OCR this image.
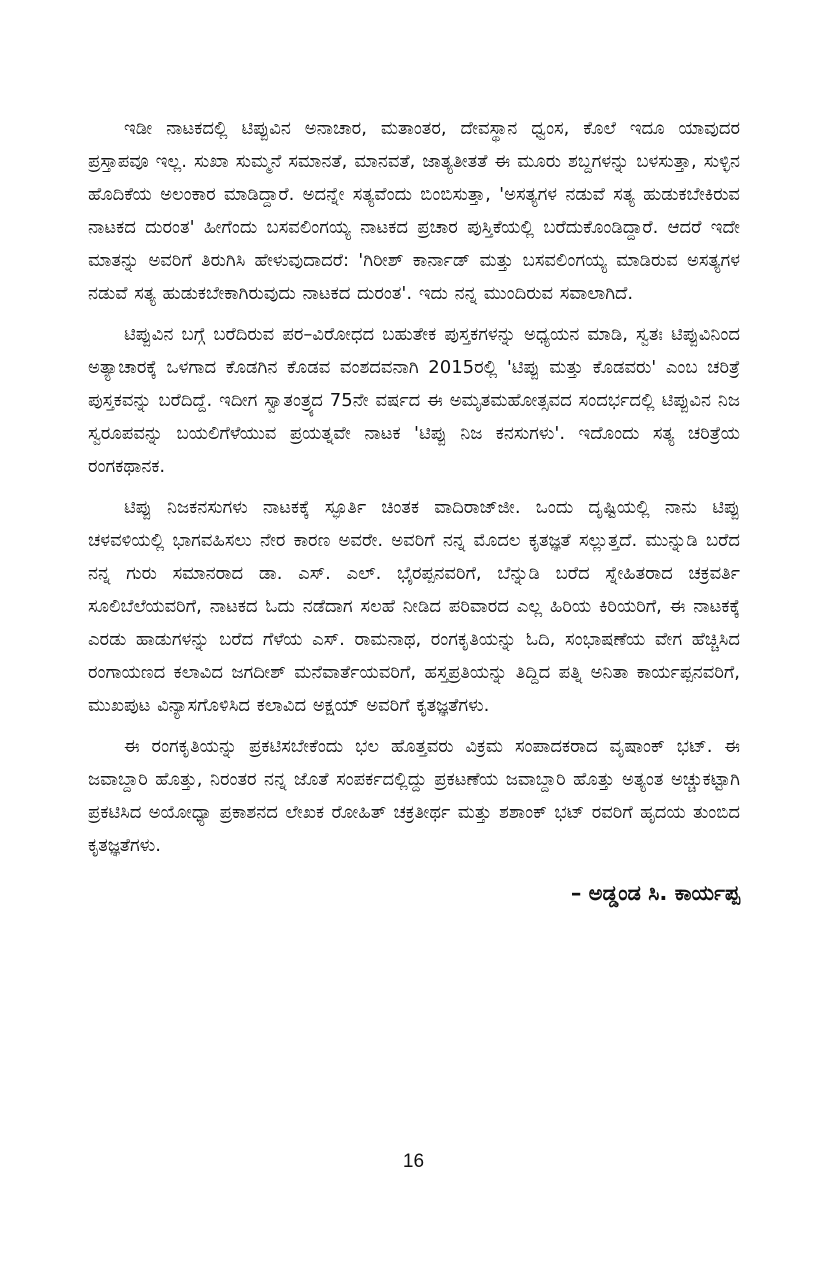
ಇಡೀ ನಾಟಕದಲ್ಲಿ ಟಿಪ್ಪುವಿನ ಅನಾಚಾರ, ಮತಾಂತರ, ದೇವಸ್ಥಾನ ಧ್ವಂಸ, ಕೊಲೆ ಇದೂ ಯಾವುದರ ಪ್ರಸ್ತಾಪವೂ ಇಲ್ಲ. ಸುಖಾ ಸುಮ್ಮನೆ ಸಮಾನತೆ, ಮಾನವತೆ, ಜಾತ್ಯತೀತತೆ ಈ ಮೂರು ಶಬ್ದಗಳನ್ನು ಬಳಸುತ್ತಾ, ಸುಳ್ಳಿನ ಹೊದಿಕೆಯ ಅಲಂಕಾರ ಮಾಡಿದ್ದಾರೆ. ಅದನ್ನೇ ಸತ್ಯವೆಂದು ಬಿಂಬಿಸುತ್ತಾ, 'ಅಸತ್ಯಗಳ ನಡುವೆ ಸತ್ಯ ಹುಡುಕಬೇಕಿರುವ ನಾಟಕದ ದುರಂತ' ಹೀಗೆಂದು ಬಸವಲಿಂಗಯ್ಯ ನಾಟಕದ ಪ್ರಚಾರ ಪುಸ್ತಿಕೆಯಲ್ಲಿ ಬರೆದುಕೊಂಡಿದ್ದಾರೆ. ಆದರೆ ಇದೇ ಮಾತನ್ನು ಅವರಿಗೆ ತಿರುಗಿಸಿ ಹೇಳುವುದಾದರೆ: 'ಗಿರೀಶ್ ಕಾರ್ನಾಡ್ ಮತ್ತು ಬಸವಲಿಂಗಯ್ಯ ಮಾಡಿರುವ ಅಸತ್ಯಗಳ ನಡುವೆ ಸತ್ಯ ಹುಡುಕಬೇಕಾಗಿರುವುದು ನಾಟಕದ ದುರಂತ'. ಇದು ನನ್ನ ಮುಂದಿರುವ ಸವಾಲಾಗಿದೆ.

ಟಿಪ್ಪುವಿನ ಬಗ್ಗೆ ಬರೆದಿರುವ ಪರ–ವಿರೋಧದ ಬಹುತೇಕ ಪುಸ್ತಕಗಳನ್ನು ಅಧ್ಯಯನ ಮಾಡಿ, ಸ್ವತಃ ಟಿಪ್ಪುವಿನಿಂದ ಅತ್ಯಾಚಾರಕ್ಕೆ ಒಳಗಾದ ಕೊಡಗಿನ ಕೊಡವ ವಂಶದವನಾಗಿ 2015ರಲ್ಲಿ 'ಟಿಪ್ಪು ಮತ್ತು ಕೊಡವರು' ಎಂಬ ಚರಿತ್ರೆ ಪುಸ್ತಕವನ್ನು ಬರೆದಿದ್ದೆ. ಇದೀಗ ಸ್ವಾತಂತ್ರ್ಯದ 75ನೇ ವರ್ಷದ ಈ ಅಮೃತಮಹೋತ್ಸವದ ಸಂದರ್ಭದಲ್ಲಿ ಟಿಪ್ಪುವಿನ ನಿಜ ಸ್ವರೂಪವನ್ನು ಬಯಲಿಗೆಳೆಯುವ ಪ್ರಯತ್ನವೇ ನಾಟಕ 'ಟಿಪ್ಪು ನಿಜ ಕನಸುಗಳು'. ಇದೊಂದು ಸತ್ಯ ಚರಿತ್ರೆಯ ರಂಗಕಥಾನಕ.

ಟಿಪ್ಪು ನಿಜಕನಸುಗಳು ನಾಟಕಕ್ಕೆ ಸ್ಫೂರ್ತಿ ಚಿಂತಕ ವಾದಿರಾಜ್‌ಜೀ. ಒಂದು ದೃಷ್ಟಿಯಲ್ಲಿ ನಾನು ಟಿಪ್ಪು ಚಳವಳಿಯಲ್ಲಿ ಭಾಗವಹಿಸಲು ನೇರ ಕಾರಣ ಅವರೇ. ಅವರಿಗೆ ನನ್ನ ಮೊದಲ ಕೃತಜ್ಞತೆ ಸಲ್ಲುತ್ತದೆ. ಮುನ್ನುಡಿ ಬರೆದ ನನ್ನ ಗುರು ಸಮಾನರಾದ ಡಾ. ಎಸ್. ಎಲ್. ಭೈರಪ್ಪನವರಿಗೆ, ಬೆನ್ನುಡಿ ಬರೆದ ಸ್ನೇಹಿತರಾದ ಚಕ್ರವರ್ತಿ ಸೂಲಿಬೆಲೆಯವರಿಗೆ, ನಾಟಕದ ಓದು ನಡೆದಾಗ ಸಲಹೆ ನೀಡಿದ ಪರಿವಾರದ ಎಲ್ಲ ಹಿರಿಯ ಕಿರಿಯರಿಗೆ, ಈ ನಾಟಕಕ್ಕೆ ಎರಡು ಹಾಡುಗಳನ್ನು ಬರೆದ ಗೆಳೆಯ ಎಸ್. ರಾಮನಾಥ, ರಂಗಕೃತಿಯನ್ನು ಓದಿ, ಸಂಭಾಷಣೆಯ ವೇಗ ಹೆಚ್ಚಿಸಿದ ರಂಗಾಯಣದ ಕಲಾವಿದ ಜಗದೀಶ್ ಮನೆವಾರ್ತೆಯವರಿಗೆ, ಹಸ್ತಪ್ರತಿಯನ್ನು ತಿದ್ದಿದ ಪತ್ನಿ ಅನಿತಾ ಕಾರ್ಯಪ್ಪನವರಿಗೆ, ಮುಖಪುಟ ವಿನ್ಯಾಸಗೊಳಿಸಿದ ಕಲಾವಿದ ಅಕ್ಷಯ್ ಅವರಿಗೆ ಕೃತಜ್ಞತೆಗಳು.

ಈ ರಂಗಕೃತಿಯನ್ನು ಪ್ರಕಟಿಸಬೇಕೆಂದು ಭಲ ಹೊತ್ತವರು ವಿಕ್ರಮ ಸಂಪಾದಕರಾದ ವೃಷಾಂಕ್ ಭಟ್. ಈ ಜವಾಬ್ದಾರಿ ಹೊತ್ತು, ನಿರಂತರ ನನ್ನ ಜೊತೆ ಸಂಪರ್ಕದಲ್ಲಿದ್ದು ಪ್ರಕಟಣೆಯ ಜವಾಬ್ದಾರಿ ಹೊತ್ತು ಅತ್ಯಂತ ಅಚ್ಚುಕಟ್ಟಾಗಿ ಪ್ರಕಟಿಸಿದ ಅಯೋಧ್ಯಾ ಪ್ರಕಾಶನದ ಲೇಖಕ ರೋಹಿತ್ ಚಕ್ರತೀರ್ಥ ಮತ್ತು ಶಶಾಂಕ್ ಭಟ್ ರವರಿಗೆ ಹೃದಯ ತುಂಬಿದ ಕೃತಜ್ಞತೆಗಳು.

– ಅಡ್ಡಂಡ ಸಿ. ಕಾರ್ಯಪ್ಪ

16
